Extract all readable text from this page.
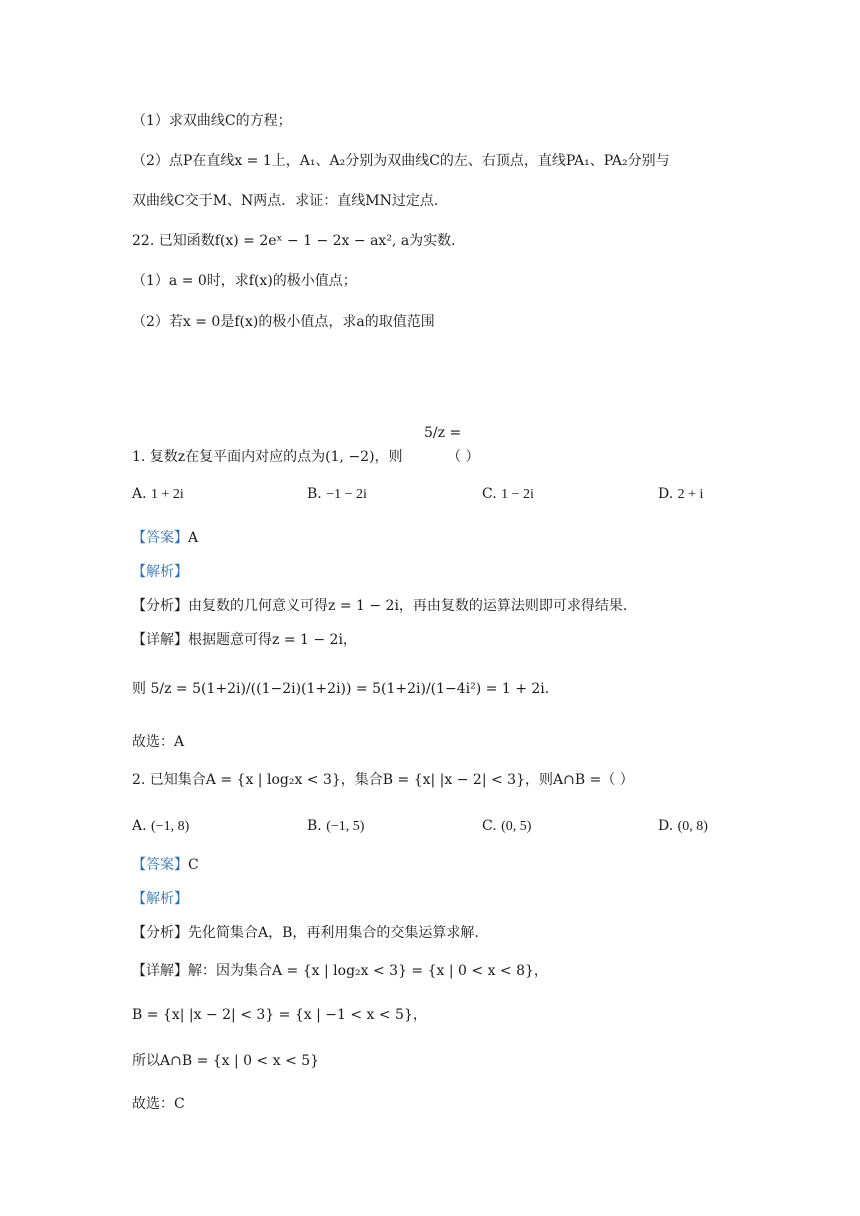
（1）求双曲线C的方程；
（2）点P在直线x = 1上，A₁、A₂分别为双曲线C的左、右顶点，直线PA₁、PA₂分别与
双曲线C交于M、N两点．求证：直线MN过定点．
22. 已知函数f(x) = 2eˣ − 1 − 2x − ax², a为实数．
（1）a = 0时，求f(x)的极小值点；
（2）若x = 0是f(x)的极小值点，求a的取值范围
5/z =
1. 复数z在复平面内对应的点为(1, −2)，则	（ ）
A. 1 + 2i	B. −1 − 2i	C. 1 − 2i	D. 2 + i
【答案】A
【解析】
【分析】由复数的几何意义可得z = 1 − 2i，再由复数的运算法则即可求得结果.
【详解】根据题意可得z = 1 − 2i，
则 5/z = 5(1+2i)/((1−2i)(1+2i)) = 5(1+2i)/(1−4i²) = 1 + 2i.
故选：A
2. 已知集合A = {x | log₂x < 3}，集合B = {x| |x − 2| < 3}，则A∩B =（ ）
A. (−1, 8)	B. (−1, 5)	C. (0, 5)	D. (0, 8)
【答案】C
【解析】
【分析】先化简集合A，B，再利用集合的交集运算求解.
【详解】解：因为集合A = {x | log₂x < 3} = {x | 0 < x < 8}，
B = {x| |x − 2| < 3} = {x | −1 < x < 5}，
所以A∩B = {x | 0 < x < 5}
故选：C
